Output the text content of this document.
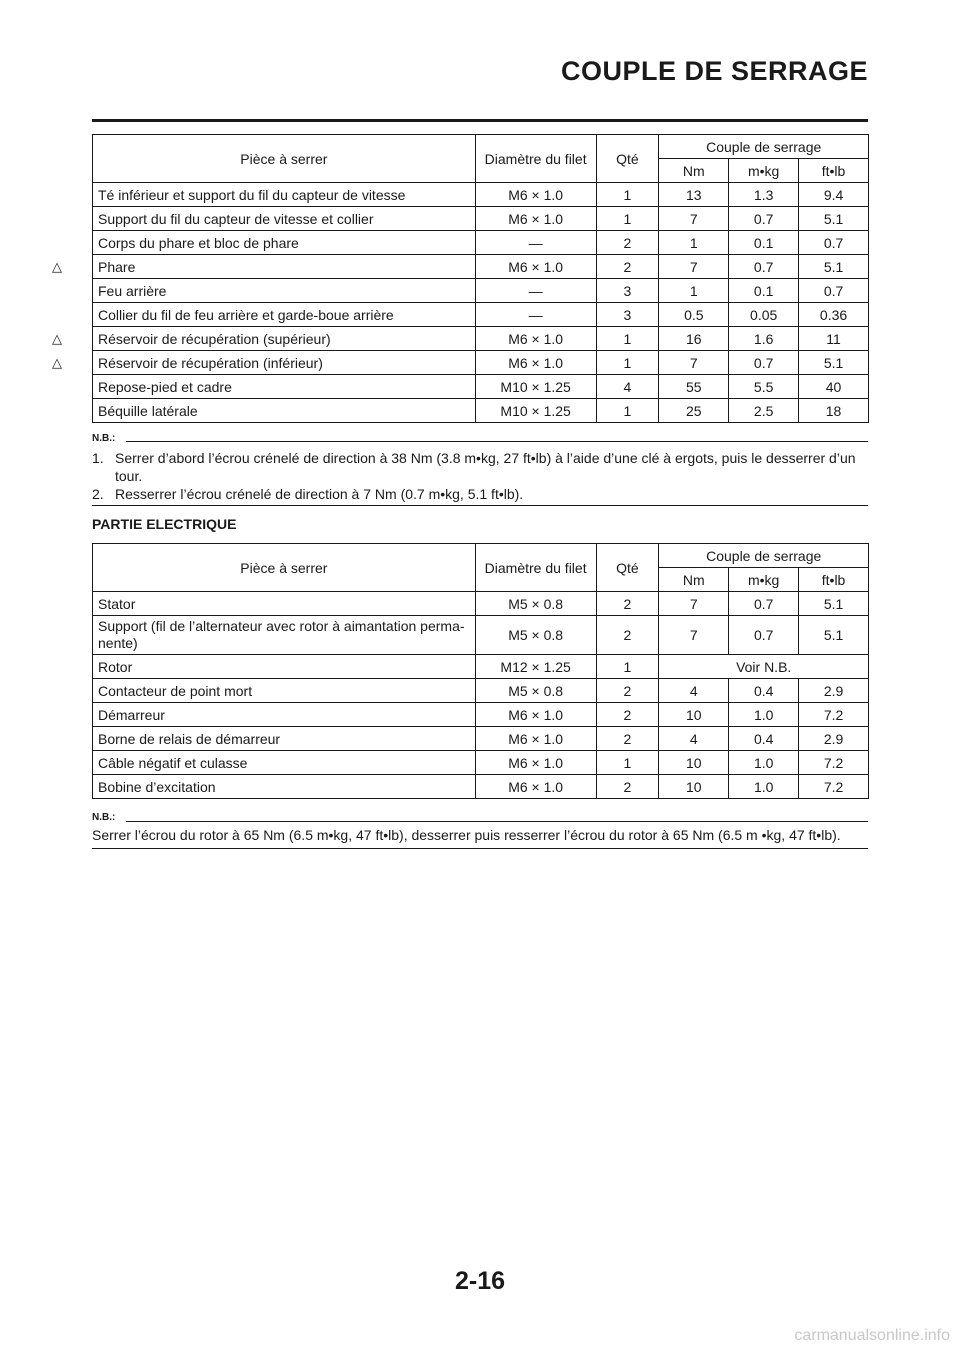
COUPLE DE SERRAGE
Pièce à serrer	Diamètre du filet	Qté	Couple de serrage		
			Nm	m•kg	ft•lb
Té inférieur et support du fil du capteur de vitesse	M6 × 1.0	1	13	1.3	9.4
Support du fil du capteur de vitesse et collier	M6 × 1.0	1	7	0.7	5.1
Corps du phare et bloc de phare	—	2	1	0.1	0.7
Phare	M6 × 1.0	2	7	0.7	5.1
Feu arrière	—	3	1	0.1	0.7
Collier du fil de feu arrière et garde-boue arrière	—	3	0.5	0.05	0.36
Réservoir de récupération (supérieur)	M6 × 1.0	1	16	1.6	11
Réservoir de récupération (inférieur)	M6 × 1.0	1	7	0.7	5.1
Repose-pied et cadre	M10 × 1.25	4	55	5.5	40
Béquille latérale	M10 × 1.25	1	25	2.5	18
N.B.:
1. Serrer d’abord l’écrou crénelé de direction à 38 Nm (3.8 m•kg, 27 ft•lb) à l’aide d’une clé à ergots, puis le desserrer d’un tour.
2. Resserrer l’écrou crénelé de direction à 7 Nm (0.7 m•kg, 5.1 ft•lb).
PARTIE ELECTRIQUE
Pièce à serrer	Diamètre du filet	Qté	Couple de serrage		
			Nm	m•kg	ft•lb
Stator	M5 × 0.8	2	7	0.7	5.1
Support (fil de l’alternateur avec rotor à aimantation perma-nente)	M5 × 0.8	2	7	0.7	5.1
Rotor	M12 × 1.25	1	Voir N.B.		
Contacteur de point mort	M5 × 0.8	2	4	0.4	2.9
Démarreur	M6 × 1.0	2	10	1.0	7.2
Borne de relais de démarreur	M6 × 1.0	2	4	0.4	2.9
Câble négatif et culasse	M6 × 1.0	1	10	1.0	7.2
Bobine d’excitation	M6 × 1.0	2	10	1.0	7.2
N.B.:
Serrer l’écrou du rotor à 65 Nm (6.5 m•kg, 47 ft•lb), desserrer puis resserrer l’écrou du rotor à 65 Nm (6.5 m •kg, 47 ft•lb).
2-16
carmanualsonline.info
△
△
△
